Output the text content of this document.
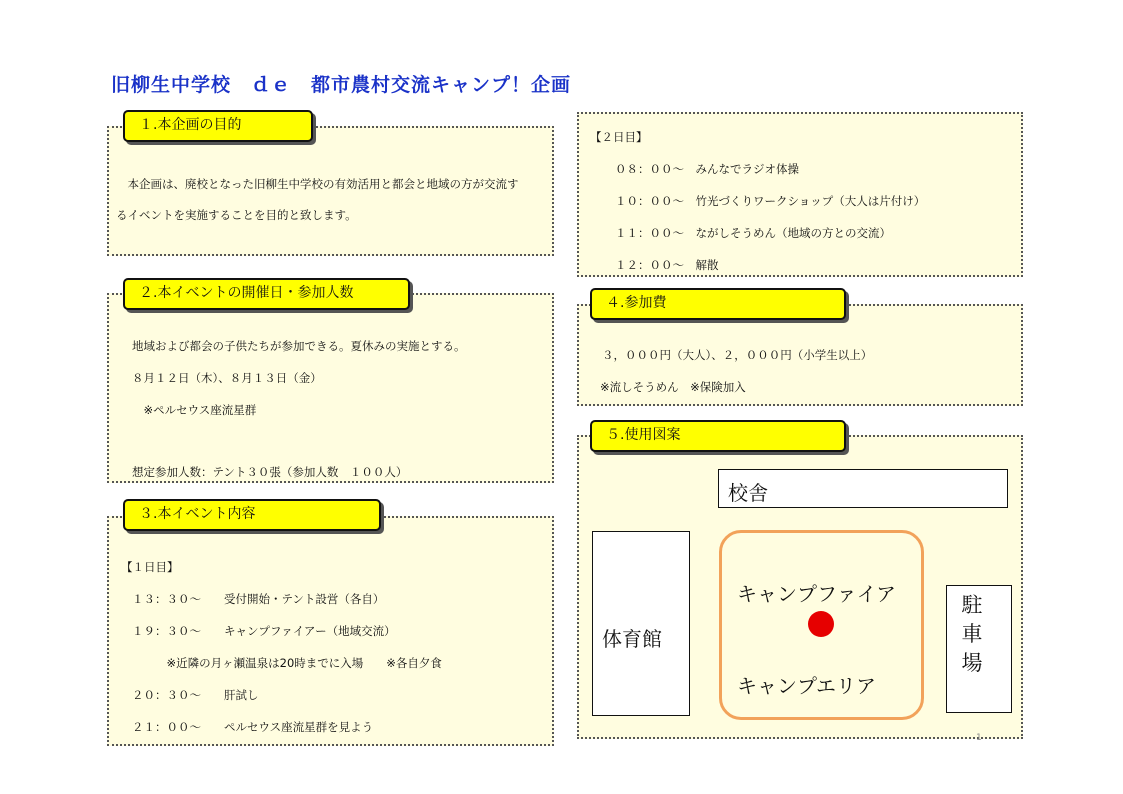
旧柳生中学校　ｄｅ　都市農村交流キャンプ！企画
１.本企画の目的
　本企画は、廃校となった旧柳生中学校の有効活用と都会と地域の方が交流す
るイベントを実施することを目的と致します。
２.本イベントの開催日・参加人数
地域および都会の子供たちが参加できる。夏休みの実施とする。
８月１２日（木）、８月１３日（金）
　※ペルセウス座流星群
想定参加人数：テント３０張（参加人数　１００人）
３.本イベント内容
【１日目】
１３：３０～　　受付開始・テント設営（各自）
１９：３０～　　キャンプファイアー（地域交流）
　　　※近隣の月ヶ瀬温泉は20時までに入場　　※各自夕食
２０：３０～　　肝試し
２１：００～　　ペルセウス座流星群を見よう
【２日目】
０８：００～　みんなでラジオ体操
１０：００～　竹光づくりワークショップ（大人は片付け）
１１：００～　ながしそうめん（地域の方との交流）
１２：００～　解散
４.参加費
３，０００円（大人）、２，０００円（小学生以上）
※流しそうめん　※保険加入
５.使用図案
校舎
体育館
キャンプファイア
キャンプエリア
駐
車
場
1
